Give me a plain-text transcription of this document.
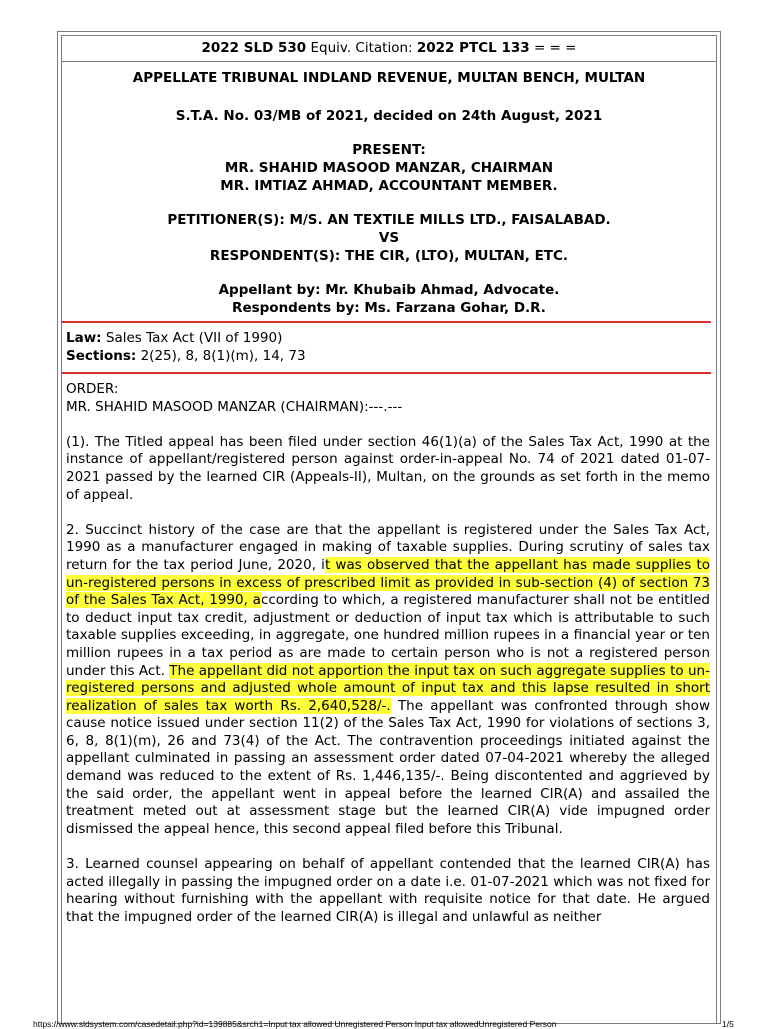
2022 SLD 530 Equiv. Citation: 2022 PTCL 133 = = =
APPELLATE TRIBUNAL INDLAND REVENUE, MULTAN BENCH, MULTAN
S.T.A. No. 03/MB of 2021, decided on 24th August, 2021
PRESENT:
MR. SHAHID MASOOD MANZAR, CHAIRMAN
MR. IMTIAZ AHMAD, ACCOUNTANT MEMBER.
PETITIONER(S): M/S. AN TEXTILE MILLS LTD., FAISALABAD.
VS
RESPONDENT(S): THE CIR, (LTO), MULTAN, ETC.
Appellant by: Mr. Khubaib Ahmad, Advocate.
Respondents by: Ms. Farzana Gohar, D.R.
Law: Sales Tax Act (VII of 1990)
Sections: 2(25), 8, 8(1)(m), 14, 73

ORDER:

MR. SHAHID MASOOD MANZAR (CHAIRMAN):---.---

(1). The Titled appeal has been filed under section 46(1)(a) of the Sales Tax Act, 1990 at the instance of appellant/registered person against order-in-appeal No. 74 of 2021 dated 01-07-2021 passed by the learned CIR (Appeals-II), Multan, on the grounds as set forth in the memo of appeal.

2. Succinct history of the case are that the appellant is registered under the Sales Tax Act, 1990 as a manufacturer engaged in making of taxable supplies. During scrutiny of sales tax return for the tax period June, 2020, it was observed that the appellant has made supplies to un-registered persons in excess of prescribed limit as provided in sub-section (4) of section 73 of the Sales Tax Act, 1990, according to which, a registered manufacturer shall not be entitled to deduct input tax credit, adjustment or deduction of input tax which is attributable to such taxable supplies exceeding, in aggregate, one hundred million rupees in a financial year or ten million rupees in a tax period as are made to certain person who is not a registered person under this Act. The appellant did not apportion the input tax on such aggregate supplies to un-registered persons and adjusted whole amount of input tax and this lapse resulted in short realization of sales tax worth Rs. 2,640,528/-. The appellant was confronted through show cause notice issued under section 11(2) of the Sales Tax Act, 1990 for violations of sections 3, 6, 8, 8(1)(m), 26 and 73(4) of the Act. The contravention proceedings initiated against the appellant culminated in passing an assessment order dated 07-04-2021 whereby the alleged demand was reduced to the extent of Rs. 1,446,135/-. Being discontented and aggrieved by the said order, the appellant went in appeal before the learned CIR(A) and assailed the treatment meted out at assessment stage but the learned CIR(A) vide impugned order dismissed the appeal hence, this second appeal filed before this Tribunal.

3. Learned counsel appearing on behalf of appellant contended that the learned CIR(A) has acted illegally in passing the impugned order on a date i.e. 01-07-2021 which was not fixed for hearing without furnishing with the appellant with requisite notice for that date. He argued that the impugned order of the learned CIR(A) is illegal and unlawful as neither

https://www.sldsystem.com/casedetail.php?id=139885&srch1=Input tax allowed Unregistered Person Input tax allowedUnregistered Person	1/5
